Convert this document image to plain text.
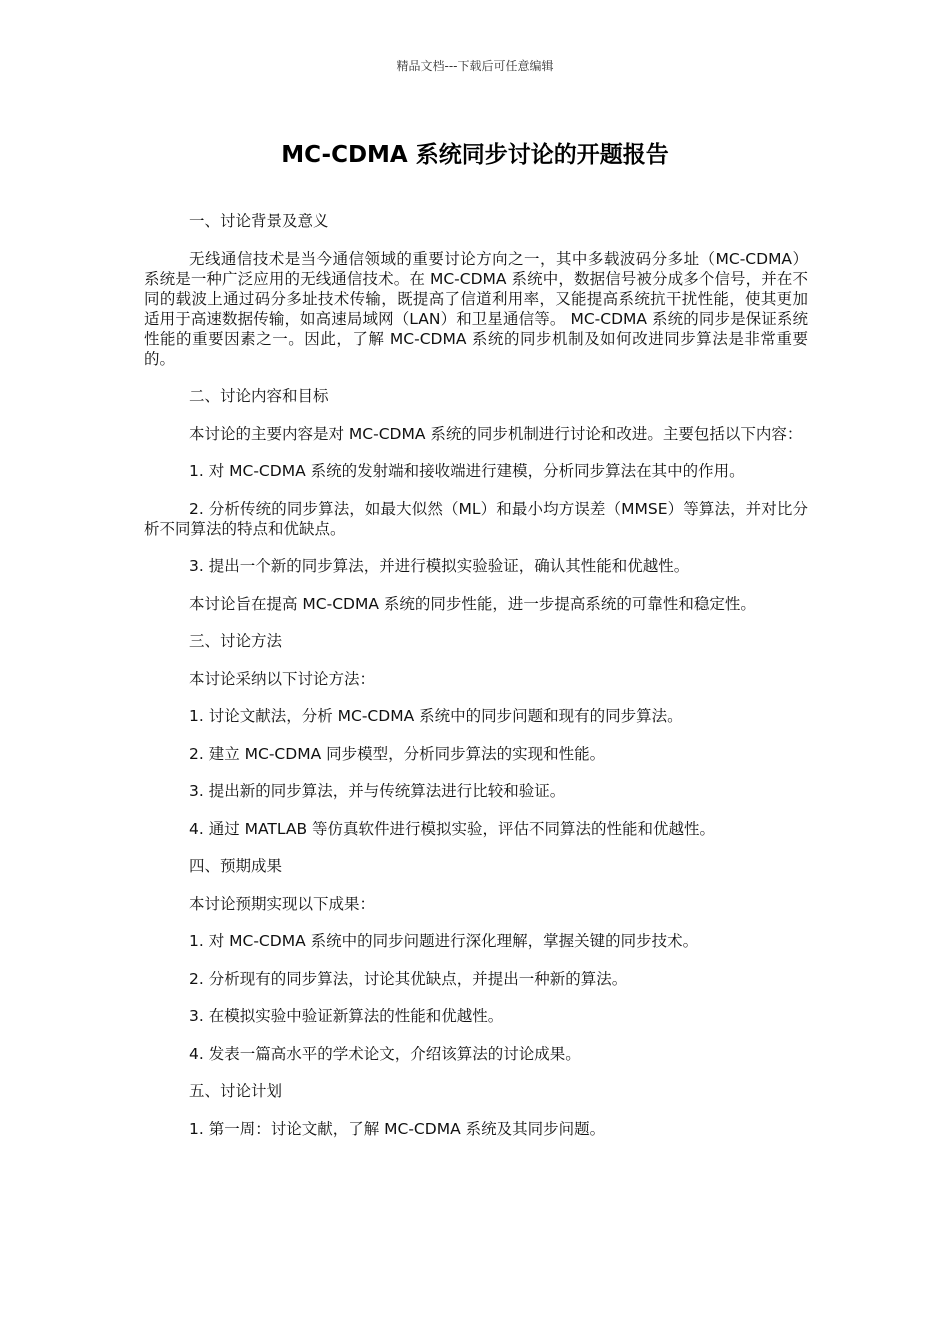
精品文档---下载后可任意编辑
MC-CDMA 系统同步讨论的开题报告

一、讨论背景及意义

无线通信技术是当今通信领域的重要讨论方向之一，其中多载波码分多址（MC-CDMA）系统是一种广泛应用的无线通信技术。在 MC-CDMA 系统中，数据信号被分成多个信号，并在不同的载波上通过码分多址技术传输，既提高了信道利用率，又能提高系统抗干扰性能，使其更加适用于高速数据传输，如高速局域网（LAN）和卫星通信等。 MC-CDMA 系统的同步是保证系统性能的重要因素之一。因此，了解 MC-CDMA 系统的同步机制及如何改进同步算法是非常重要的。

二、讨论内容和目标

本讨论的主要内容是对 MC-CDMA 系统的同步机制进行讨论和改进。主要包括以下内容：

1. 对 MC-CDMA 系统的发射端和接收端进行建模，分析同步算法在其中的作用。

2. 分析传统的同步算法，如最大似然（ML）和最小均方误差（MMSE）等算法，并对比分析不同算法的特点和优缺点。

3. 提出一个新的同步算法，并进行模拟实验验证，确认其性能和优越性。

本讨论旨在提高 MC-CDMA 系统的同步性能，进一步提高系统的可靠性和稳定性。

三、讨论方法

本讨论采纳以下讨论方法：

1. 讨论文献法，分析 MC-CDMA 系统中的同步问题和现有的同步算法。

2. 建立 MC-CDMA 同步模型，分析同步算法的实现和性能。

3. 提出新的同步算法，并与传统算法进行比较和验证。

4. 通过 MATLAB 等仿真软件进行模拟实验，评估不同算法的性能和优越性。

四、预期成果

本讨论预期实现以下成果：

1. 对 MC-CDMA 系统中的同步问题进行深化理解，掌握关键的同步技术。

2. 分析现有的同步算法，讨论其优缺点，并提出一种新的算法。

3. 在模拟实验中验证新算法的性能和优越性。

4. 发表一篇高水平的学术论文，介绍该算法的讨论成果。

五、讨论计划

1. 第一周：讨论文献，了解 MC-CDMA 系统及其同步问题。
